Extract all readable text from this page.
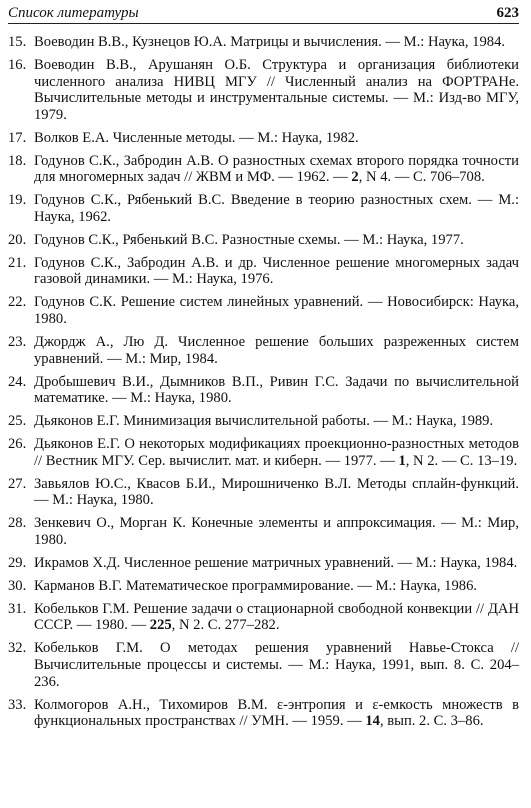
Список литературы	623
15. Воеводин В.В., Кузнецов Ю.А. Матрицы и вычисления. — М.: Наука, 1984.
16. Воеводин В.В., Арушанян О.Б. Структура и организация библиотеки численного анализа НИВЦ МГУ // Численный анализ на ФОРТРАНе. Вычислительные методы и инструментальные системы. — М.: Изд-во МГУ, 1979.
17. Волков Е.А. Численные методы. — М.: Наука, 1982.
18. Годунов С.К., Забродин А.В. О разностных схемах второго порядка точности для многомерных задач // ЖВМ и МФ. — 1962. — 2, N 4. — С. 706–708.
19. Годунов С.К., Рябенький В.С. Введение в теорию разностных схем. — М.: Наука, 1962.
20. Годунов С.К., Рябенький В.С. Разностные схемы. — М.: Наука, 1977.
21. Годунов С.К., Забродин А.В. и др. Численное решение многомерных задач газовой динамики. — М.: Наука, 1976.
22. Годунов С.К. Решение систем линейных уравнений. — Новосибирск: Наука, 1980.
23. Джордж А., Лю Д. Численное решение больших разреженных систем уравнений. — М.: Мир, 1984.
24. Дробышевич В.И., Дымников В.П., Ривин Г.С. Задачи по вычислительной математике. — М.: Наука, 1980.
25. Дьяконов Е.Г. Минимизация вычислительной работы. — М.: Наука, 1989.
26. Дьяконов Е.Г. О некоторых модификациях проекционно-разностных методов // Вестник МГУ. Сер. вычислит. мат. и киберн. — 1977. — 1, N 2. — С. 13–19.
27. Завьялов Ю.С., Квасов Б.И., Мирошниченко В.Л. Методы сплайн-функций. — М.: Наука, 1980.
28. Зенкевич О., Морган К. Конечные элементы и аппроксимация. — М.: Мир, 1980.
29. Икрамов Х.Д. Численное решение матричных уравнений. — М.: Наука, 1984.
30. Карманов В.Г. Математическое программирование. — М.: Наука, 1986.
31. Кобельков Г.М. Решение задачи о стационарной свободной конвекции // ДАН СССР. — 1980. — 225, N 2. С. 277–282.
32. Кобельков Г.М. О методах решения уравнений Навье-Стокса // Вычислительные процессы и системы. — М.: Наука, 1991, вып. 8. С. 204–236.
33. Колмогоров А.Н., Тихомиров В.М. ε-энтропия и ε-емкость множеств в функциональных пространствах // УМН. — 1959. — 14, вып. 2. С. 3–86.
